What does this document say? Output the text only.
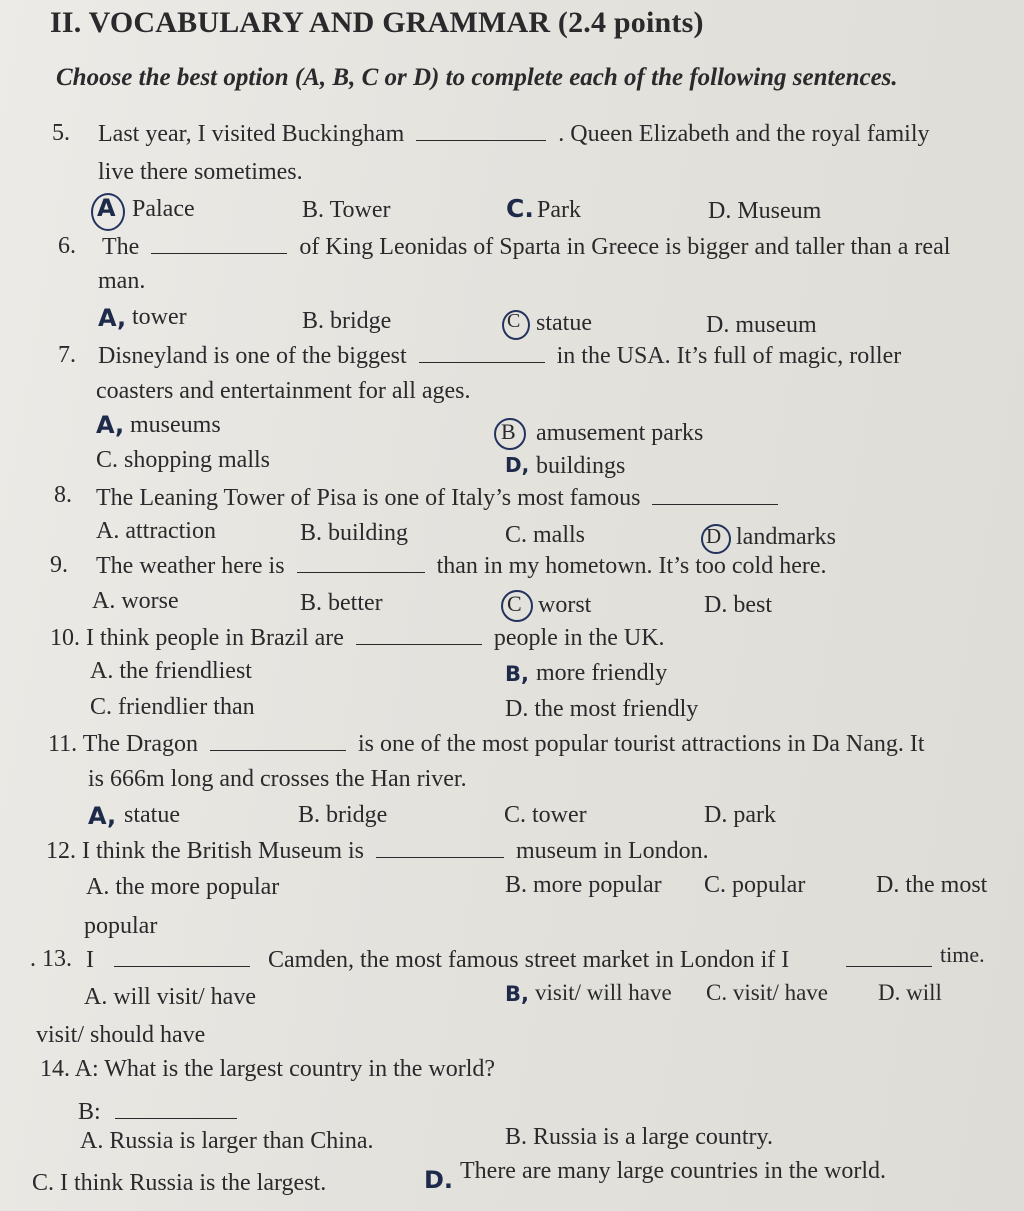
II. VOCABULARY AND GRAMMAR (2.4 points)
Choose the best option (A, B, C or D) to complete each of the following sentences.
5. Last year, I visited Buckingham	. Queen Elizabeth and the royal family
live there sometimes.
A Palace	B. Tower	C. Park	D. Museum
6. The	of King Leonidas of Sparta in Greece is bigger and taller than a real
man.
A, tower	B. bridge	C statue	D. museum
7. Disneyland is one of the biggest	in the USA. It’s full of magic, roller
coasters and entertainment for all ages.
A, museums	B amusement parks
C. shopping malls	D, buildings
8. The Leaning Tower of Pisa is one of Italy’s most famous
A. attraction	B. building	C. malls	D landmarks
9. The weather here is	than in my hometown. It’s too cold here.
A. worse	B. better	C worst	D. best
10. I think people in Brazil are	people in the UK.
A. the friendliest	B, more friendly
C. friendlier than	D. the most friendly
11. The Dragon	is one of the most popular tourist attractions in Da Nang. It
is 666m long and crosses the Han river.
A, statue	B. bridge	C. tower	D. park
12. I think the British Museum is	museum in London.
A. the more popular	B. more popular C. popular	D. the most
popular
. 13. I	Camden, the most famous street market in London if I	time.
A. will visit/ have	B, visit/ will have C. visit/ have D. will
visit/ should have
14. A: What is the largest country in the world?
B:
A. Russia is larger than China.	B. Russia is a large country.
C. I think Russia is the largest.	D. There are many large countries in the world.
